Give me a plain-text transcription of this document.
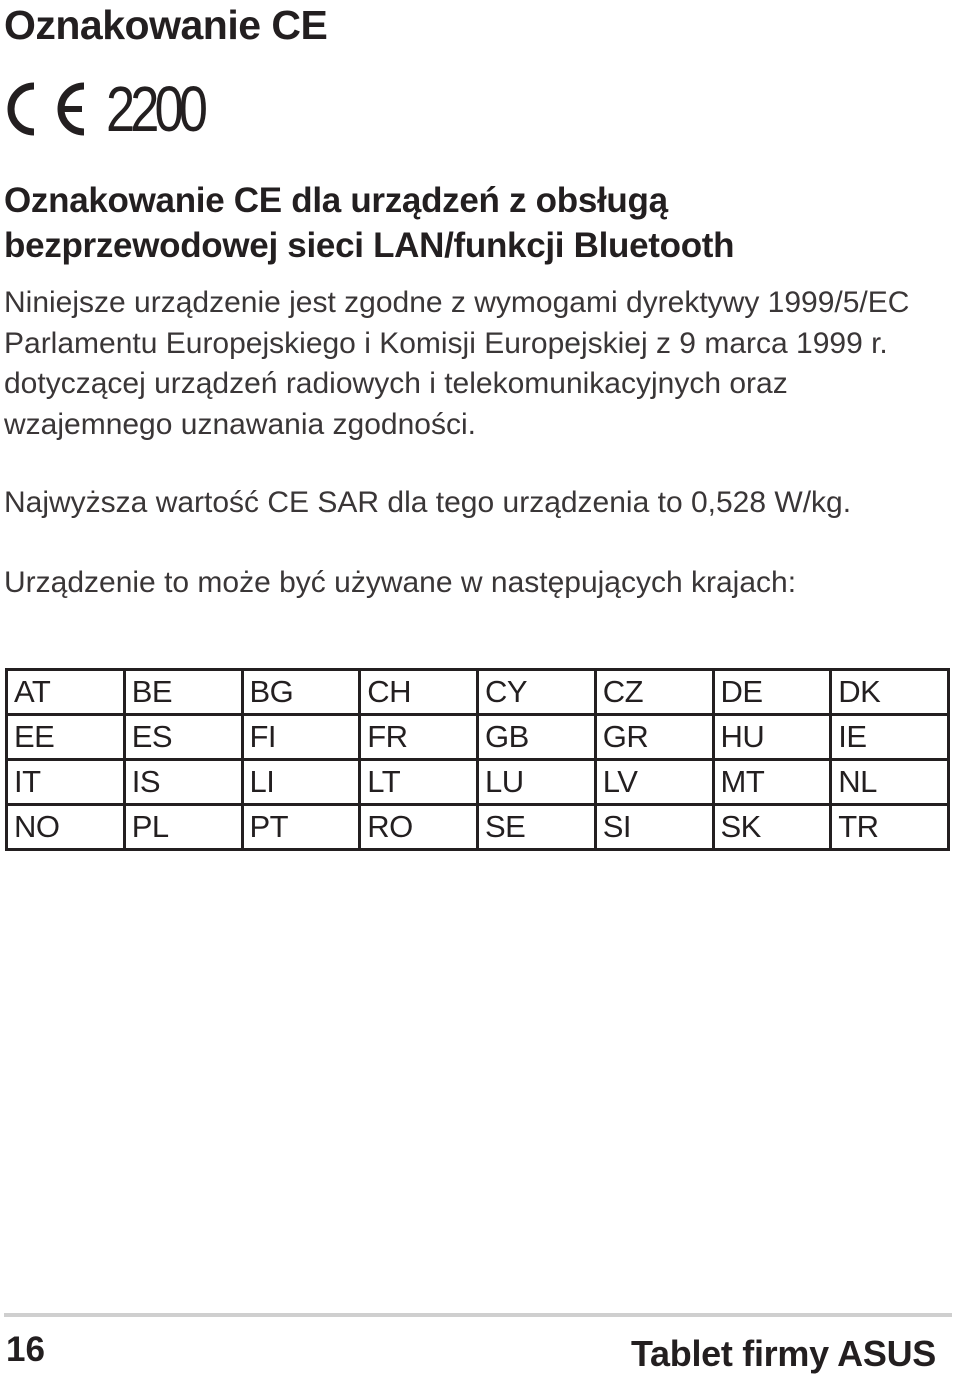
Oznakowanie CE
2200
Oznakowanie CE dla urządzeń z obsługą bezprzewodowej sieci LAN/funkcji Bluetooth

Niniejsze urządzenie jest zgodne z wymogami dyrektywy 1999/5/EC Parlamentu Europejskiego i Komisji Europejskiej z 9 marca 1999 r. dotyczącej urządzeń radiowych i telekomunikacyjnych oraz wzajemnego uznawania zgodności.

Najwyższa wartość CE SAR dla tego urządzenia to 0,528 W/kg.

Urządzenie to może być używane w następujących krajach:

AT	BE	BG	CH	CY	CZ	DE	DK
EE	ES	FI	FR	GB	GR	HU	IE
IT	IS	LI	LT	LU	LV	MT	NL
NO	PL	PT	RO	SE	SI	SK	TR
16	Tablet firmy ASUS
